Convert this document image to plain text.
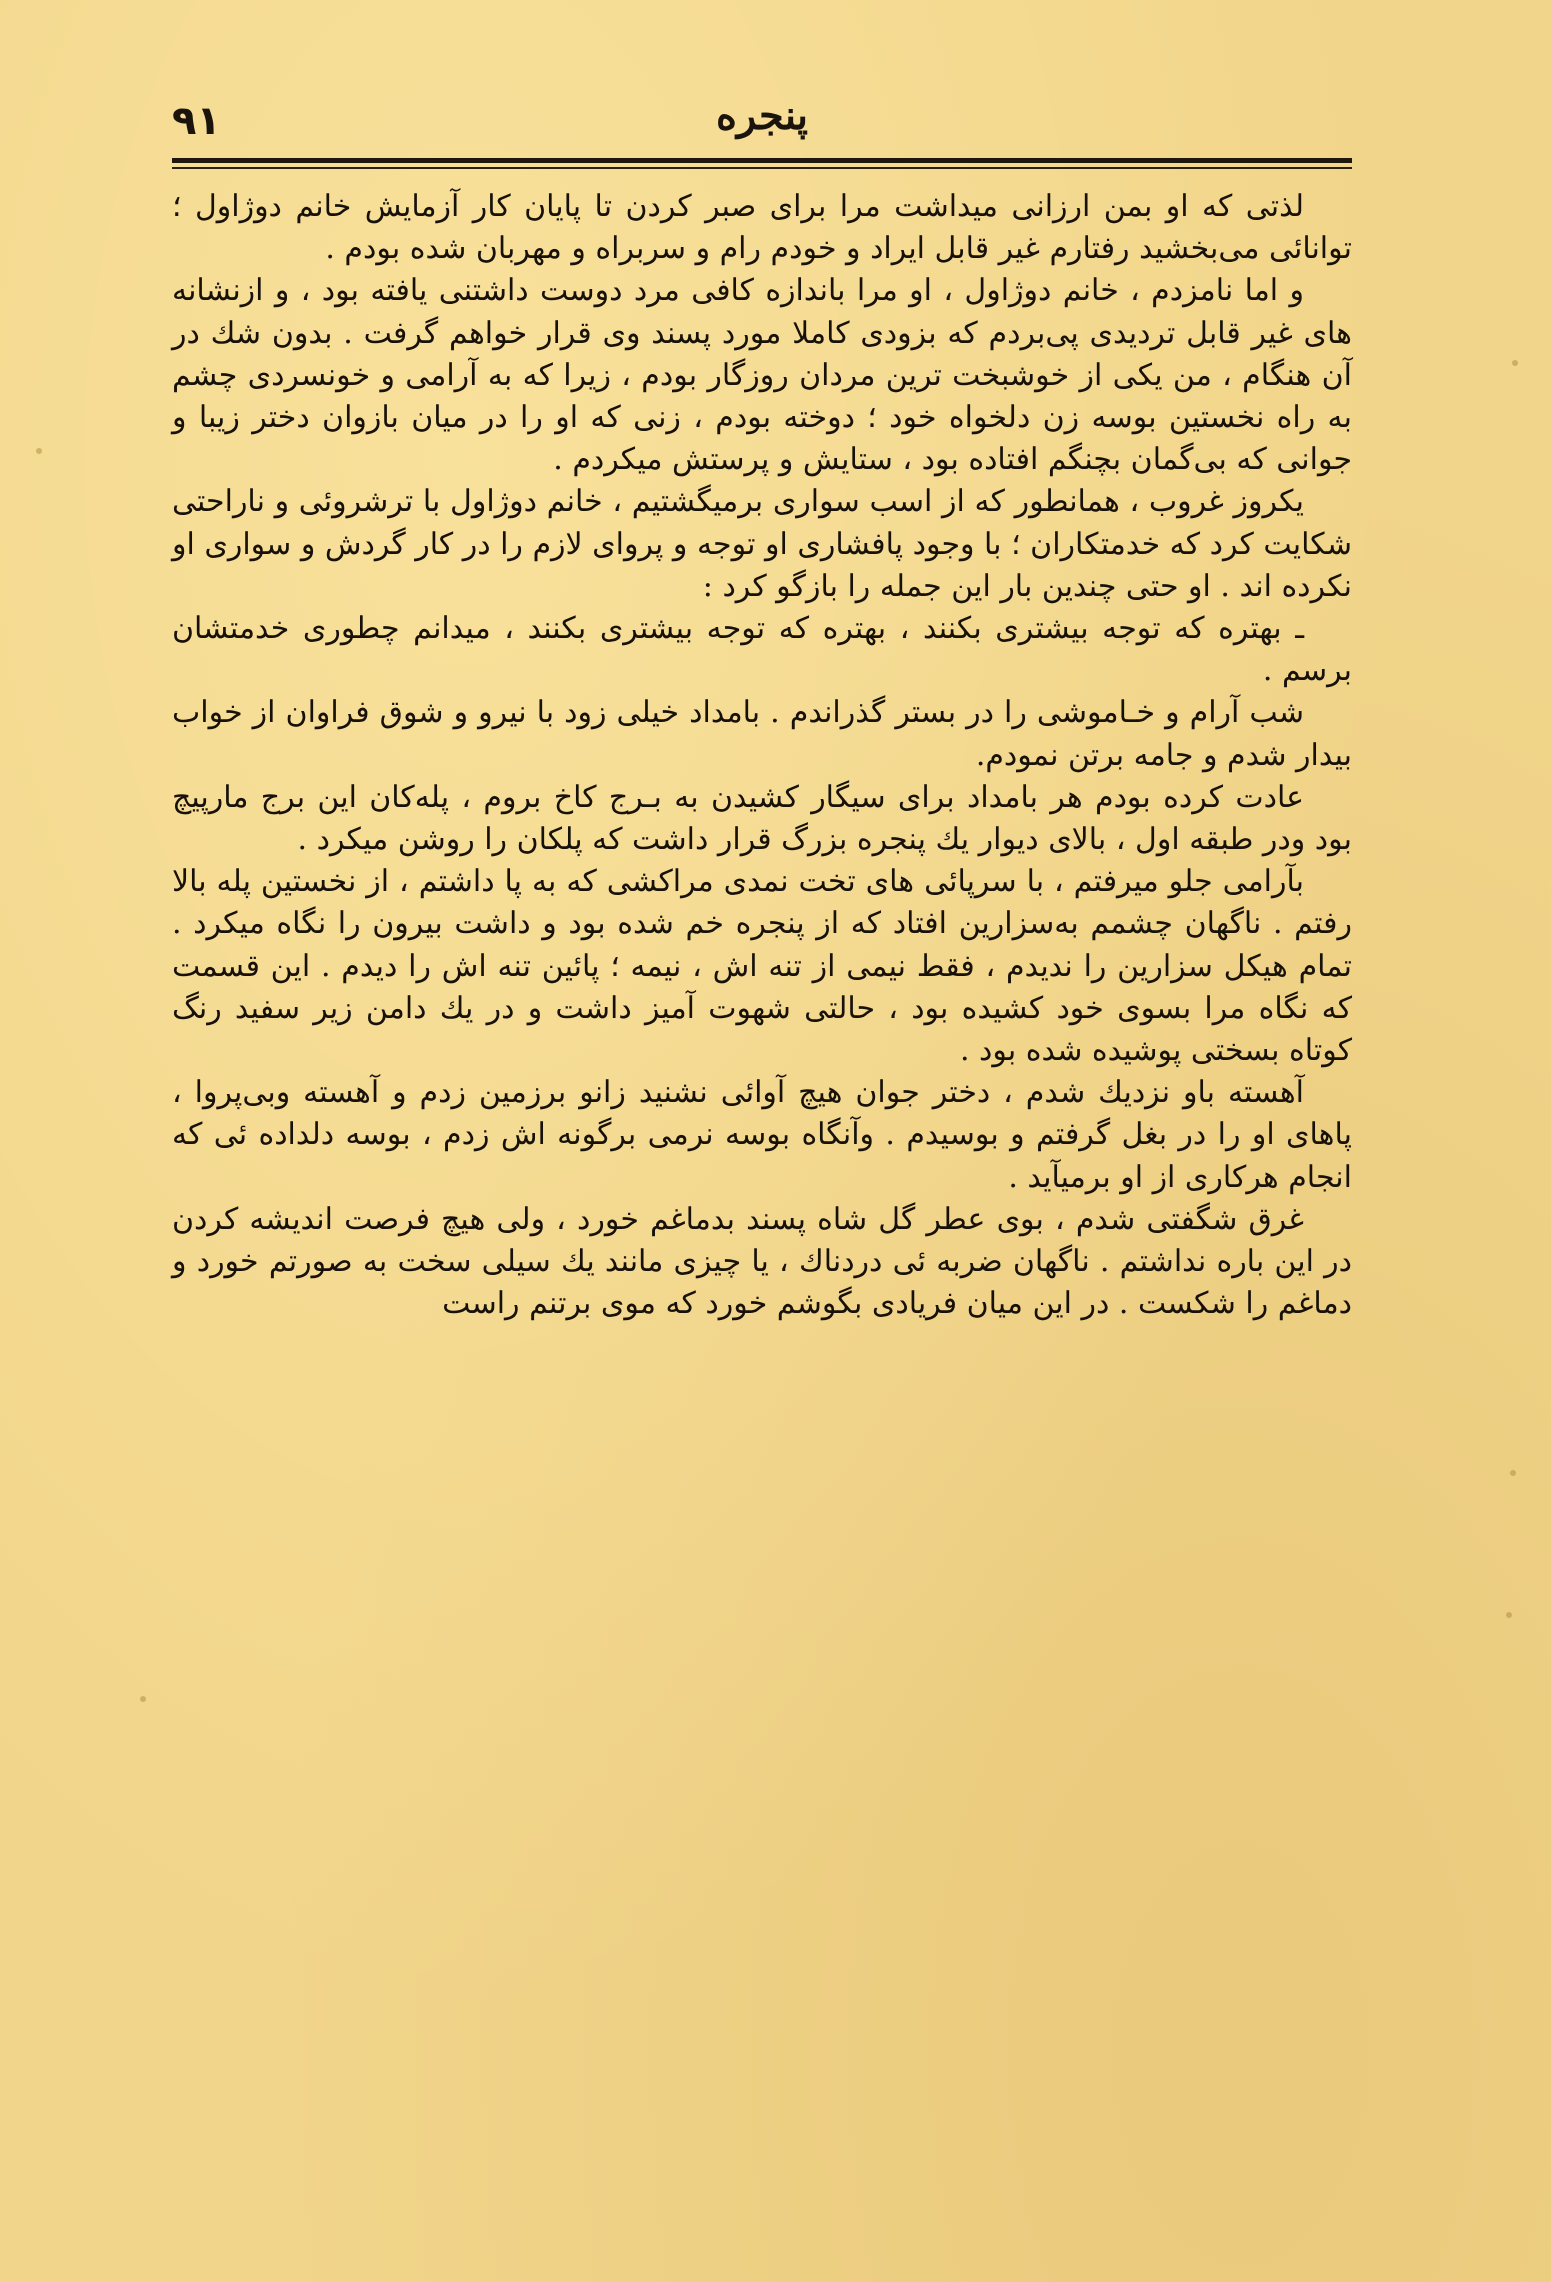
۹۱	پنجره

لذتی که او بمن ارزانی میداشت مرا برای صبر کردن تا پایان کار آزمایش خانم دوژاول ؛ توانائی می‌بخشید رفتارم غیر قابل ایراد و خودم رام و سربراه و مهربان شده بودم .

و اما نامزدم ، خانم دوژاول ، او مرا باندازه کافی مرد دوست داشتنی یافته بود ، و ازنشانه های غیر قابل تردیدی پی‌بردم که بزودی کاملا مورد پسند وی قرار خواهم گرفت . بدون شك در آن هنگام ، من یکی از خوشبخت ترین مردان روزگار بودم ، زیرا که به آرامی و خونسردی چشم به راه نخستین بوسه زن دلخواه خود ؛ دوخته بودم ، زنی که او را در میان بازوان دختر زیبا و جوانی که بی‌گمان بچنگم افتاده بود ، ستایش و پرستش میکردم .

یکروز غروب ، همانطور که از اسب سواری برمیگشتیم ، خانم دوژاول با ترشروئی و ناراحتی شکایت کرد که خدمتکاران ؛ با وجود پافشاری او توجه و پروای لازم را در کار گردش و سواری او نکرده اند . او حتی چندین بار این جمله را بازگو کرد :

ـ بهتره که توجه بیشتری بکنند ، بهتره که توجه بیشتری بکنند ، میدانم چطوری خدمتشان برسم .

شب آرام و خـاموشی را در بستر گذراندم . بامداد خیلی زود با نیرو و شوق فراوان از خواب بیدار شدم و جامه برتن نمودم.

عادت کرده بودم هر بامداد برای سیگار کشیدن به بـرج کاخ بروم ، پله‌کان این برج مارپیچ بود ودر طبقه اول ، بالای دیوار یك پنجره بزرگ قرار داشت که پلکان را روشن میکرد .

بآرامی جلو میرفتم ، با سرپائی های تخت نمدی مراکشی که به پا داشتم ، از نخستین پله بالا رفتم . ناگهان چشمم به‌سزارین افتاد که از پنجره خم شده بود و داشت بیرون را نگاه میکرد . تمام هیکل سزارین را ندیدم ، فقط نیمی از تنه اش ، نیمه ؛ پائین تنه اش را دیدم . این قسمت که نگاه مرا بسوی خود کشیده بود ، حالتی شهوت آمیز داشت و در یك دامن زیر سفید رنگ کوتاه بسختی پوشیده شده بود .

آهسته باو نزدیك شدم ، دختر جوان هیچ آوائی نشنید زانو برزمین زدم و آهسته وبی‌پروا ، پاهای او را در بغل گرفتم و بوسیدم . وآنگاه بوسه نرمی برگونه اش زدم ، بوسه دلداده ئی که انجام هرکاری از او برمیآید .

غرق شگفتی شدم ، بوی عطر گل شاه پسند بدماغم خورد ، ولی هیچ فرصت اندیشه کردن در این باره نداشتم . ناگهان ضربه ئی دردناك ، یا چیزی مانند یك سیلی سخت به صورتم خورد و دماغم را شکست . در این میان فریادی بگوشم خورد که موی برتنم راست
